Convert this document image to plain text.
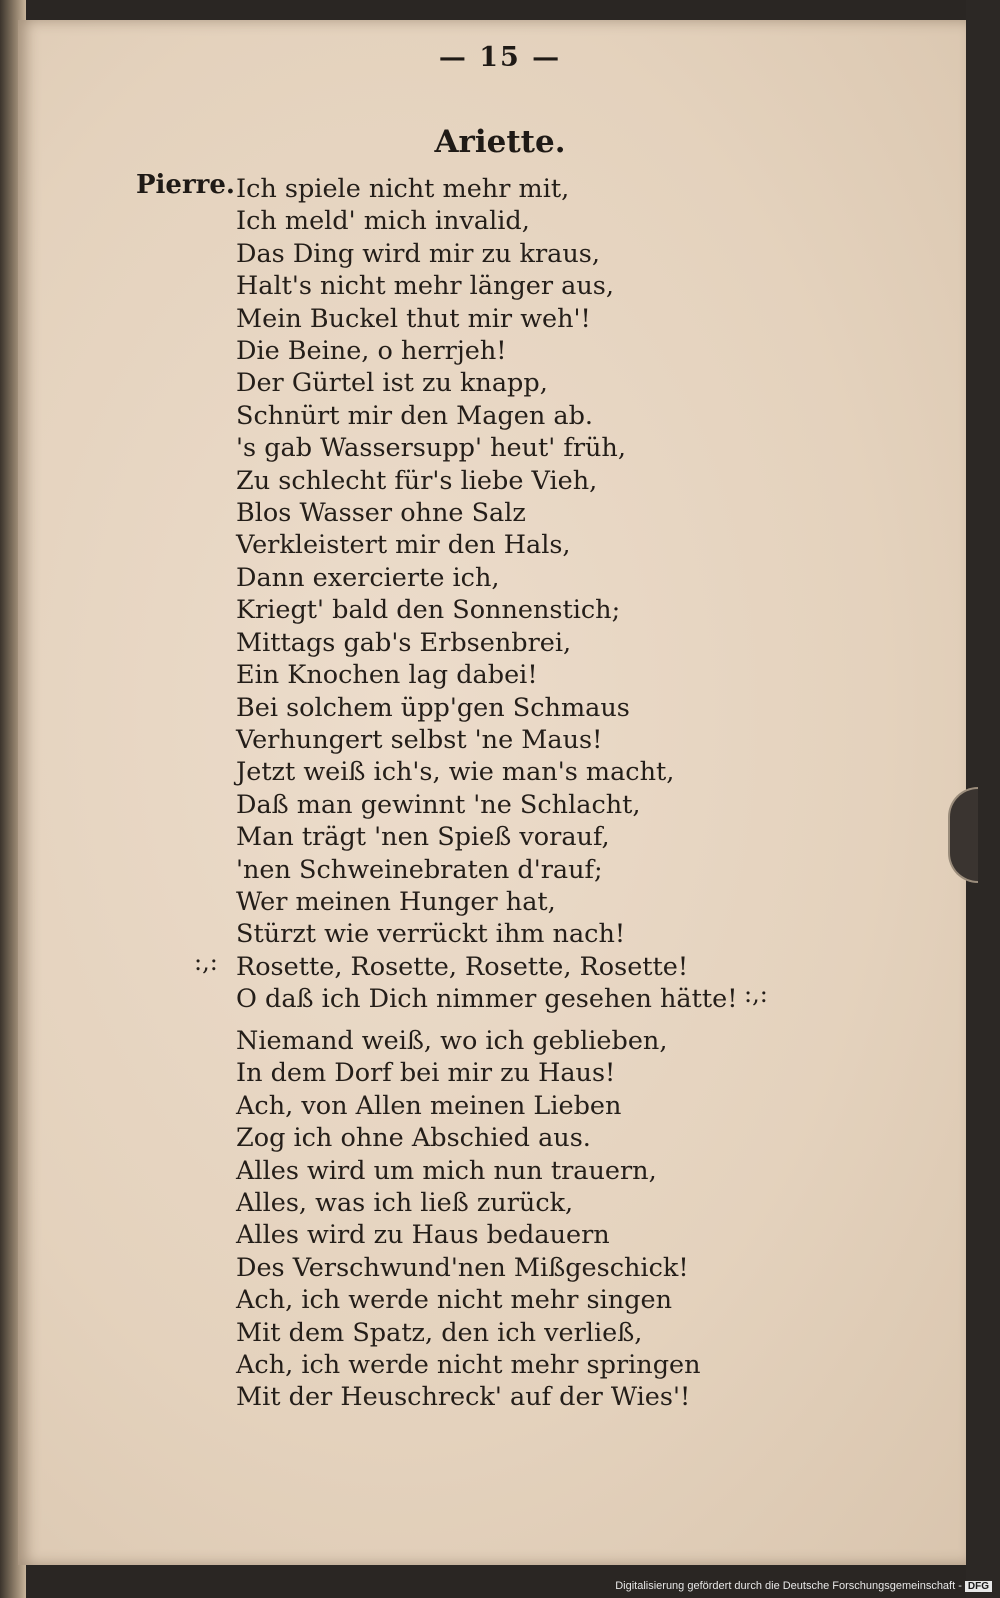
— 15 —
Ariette.
Pierre. Ich spiele nicht mehr mit,
Ich meld' mich invalid,
Das Ding wird mir zu kraus,
Halt's nicht mehr länger aus,
Mein Buckel thut mir weh'!
Die Beine, o herrjeh!
Der Gürtel ist zu knapp,
Schnürt mir den Magen ab.
's gab Wassersupp' heut' früh,
Zu schlecht für's liebe Vieh,
Blos Wasser ohne Salz
Verkleistert mir den Hals,
Dann exercierte ich,
Kriegt' bald den Sonnenstich;
Mittags gab's Erbsenbrei,
Ein Knochen lag dabei!
Bei solchem üpp'gen Schmaus
Verhungert selbst 'ne Maus!
Jetzt weiß ich's, wie man's macht,
Daß man gewinnt 'ne Schlacht,
Man trägt 'nen Spieß vorauf,
'nen Schweinebraten d'rauf;
Wer meinen Hunger hat,
Stürzt wie verrückt ihm nach!
Rosette, Rosette, Rosette, Rosette!
O daß ich Dich nimmer gesehen hätte!
:,:
:,:
Niemand weiß, wo ich geblieben,
In dem Dorf bei mir zu Haus!
Ach, von Allen meinen Lieben
Zog ich ohne Abschied aus.
Alles wird um mich nun trauern,
Alles, was ich ließ zurück,
Alles wird zu Haus bedauern
Des Verschwund'nen Mißgeschick!
Ach, ich werde nicht mehr singen
Mit dem Spatz, den ich verließ,
Ach, ich werde nicht mehr springen
Mit der Heuschreck' auf der Wies'!
Digitalisierung gefördert durch die Deutsche Forschungsgemeinschaft - DFG
